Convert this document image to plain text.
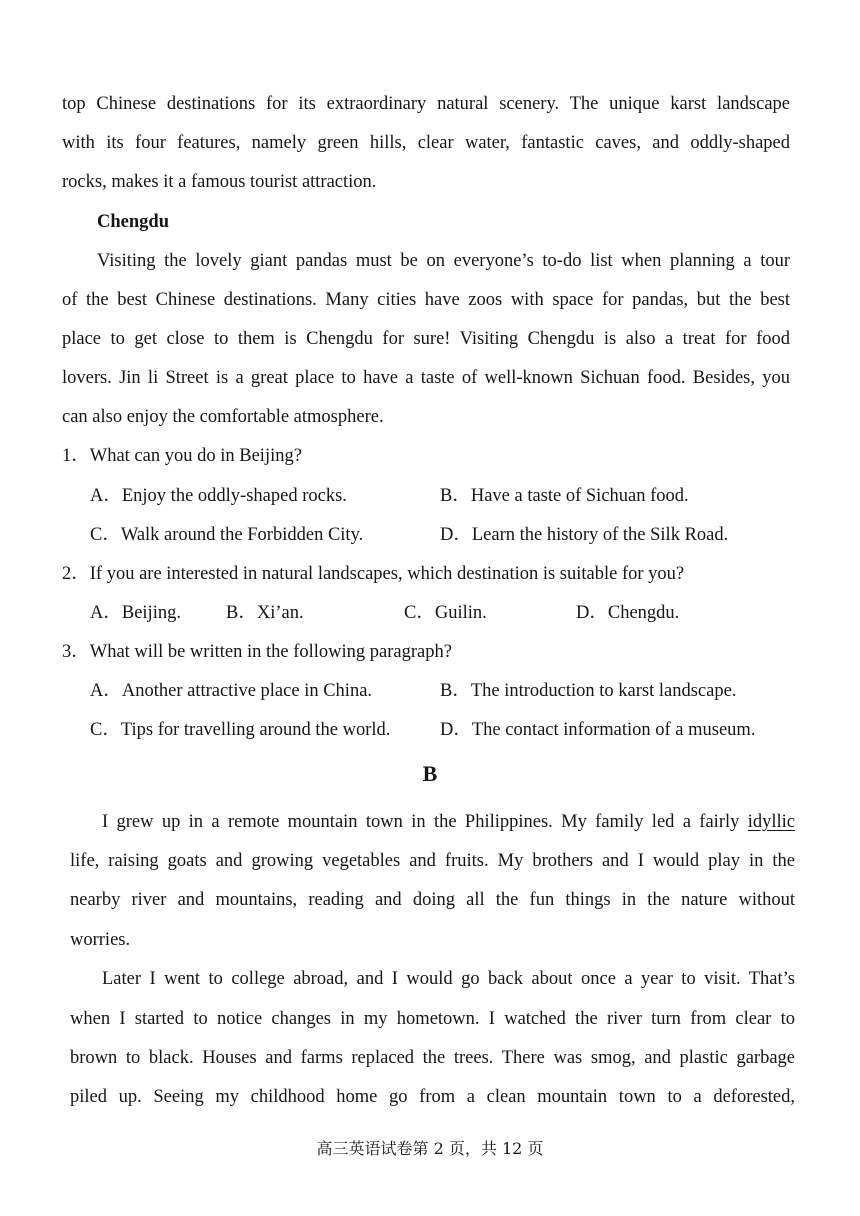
top Chinese destinations for its extraordinary natural scenery. The unique karst landscape
with its four features, namely green hills, clear water, fantastic caves, and oddly-shaped
rocks, makes it a famous tourist attraction.
Chengdu
Visiting the lovely giant pandas must be on everyone’s to-do list when planning a tour
of the best Chinese destinations. Many cities have zoos with space for pandas, but the best
place to get close to them is Chengdu for sure! Visiting Chengdu is also a treat for food
lovers. Jin li Street is a great place to have a taste of well-known Sichuan food. Besides, you
can also enjoy the comfortable atmosphere.
1．What can you do in Beijing?
A．Enjoy the oddly-shaped rocks.	B．Have a taste of Sichuan food.
C．Walk around the Forbidden City.	D．Learn the history of the Silk Road.
2．If you are interested in natural landscapes, which destination is suitable for you?
A．Beijing. B．Xi’an.	C．Guilin.	D．Chengdu.
3．What will be written in the following paragraph?
A．Another attractive place in China.	B．The introduction to karst landscape.
C．Tips for travelling around the world.	D．The contact information of a museum.
B
I grew up in a remote mountain town in the Philippines. My family led a fairly idyllic
life, raising goats and growing vegetables and fruits. My brothers and I would play in the
nearby river and mountains, reading and doing all the fun things in the nature without
worries.
Later I went to college abroad, and I would go back about once a year to visit. That’s
when I started to notice changes in my hometown. I watched the river turn from clear to
brown to black. Houses and farms replaced the trees. There was smog, and plastic garbage
piled up. Seeing my childhood home go from a clean mountain town to a deforested,
高三英语试卷第 2 页，共 12 页
